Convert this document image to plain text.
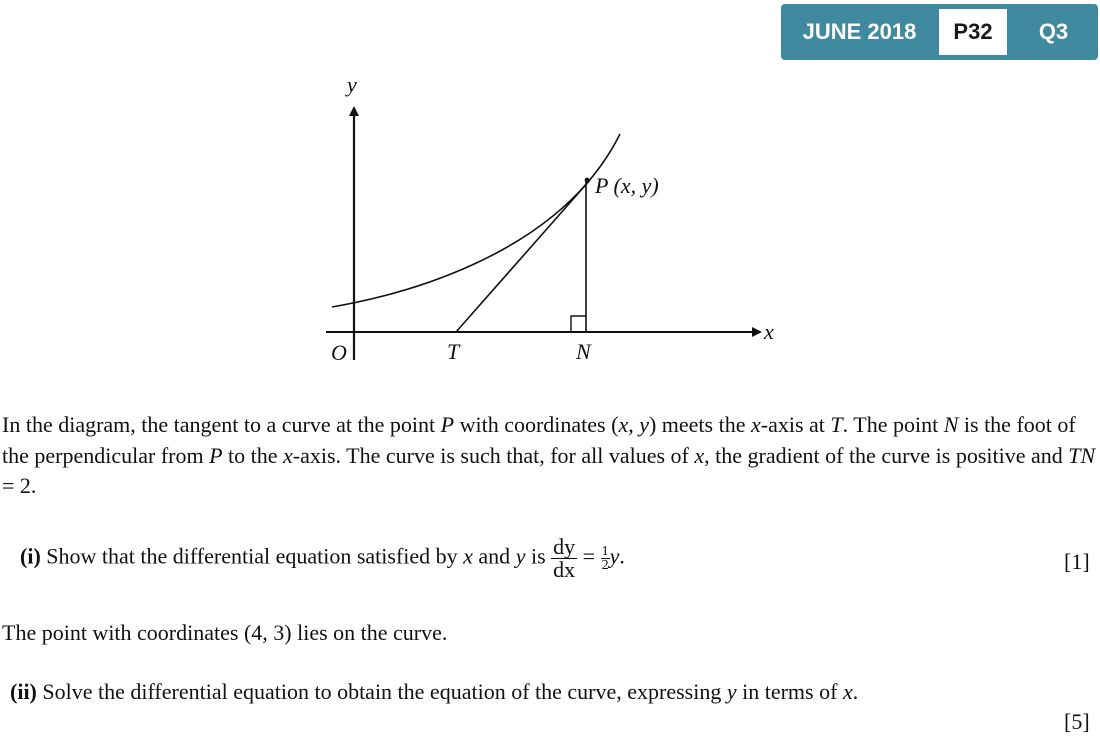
JUNE 2018	P32	Q3
y
x
O	T	N
P (x, y)

In the diagram, the tangent to a curve at the point P with coordinates (x, y) meets the x-axis at T. The point N is the foot of the perpendicular from P to the x-axis. The curve is such that, for all values of x, the gradient of the curve is positive and TN = 2.

(i) Show that the differential equation satisfied by x and y is $\frac{dy}{dx} = \frac{1}{2} y$.	[1]
The point with coordinates (4, 3) lies on the curve.
(ii) Solve the differential equation to obtain the equation of the curve, expressing y in terms of x.
[5]
